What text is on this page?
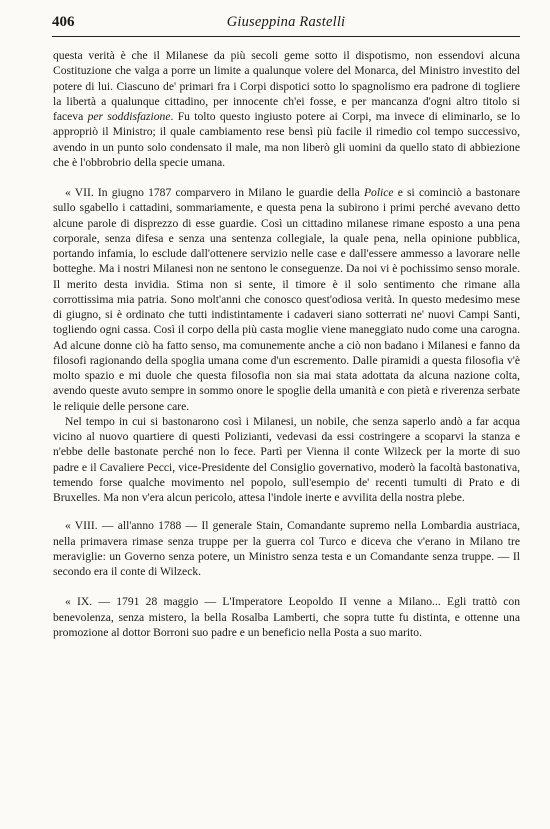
406	Giuseppina Rastelli

questa verità è che il Milanese da più secoli geme sotto il dispotismo, non essendovi alcuna Costituzione che valga a porre un limite a qualunque volere del Monarca, del Ministro investito del potere di lui. Ciascuno de' primari fra i Corpi dispotici sotto lo spagnolismo era padrone di togliere la libertà a qualunque cittadino, per innocente ch'ei fosse, e per mancanza d'ogni altro titolo si faceva per soddisfazione. Fu tolto questo ingiusto potere ai Corpi, ma invece di eliminarlo, se lo appropriò il Ministro; il quale cambiamento rese bensì più facile il rimedio col tempo successivo, avendo in un punto solo condensato il male, ma non liberò gli uomini da quello stato di abbiezione che è l'obbrobrio della specie umana.

« VII. In giugno 1787 comparvero in Milano le guardie della Police e si cominciò a bastonare sullo sgabello i cattadini, sommariamente, e questa pena la subirono i primi perché avevano detto alcune parole di disprezzo di esse guardie. Così un cittadino milanese rimane esposto a una pena corporale, senza difesa e senza una sentenza collegiale, la quale pena, nella opinione pubblica, portando infamia, lo esclude dall'ottenere servizio nelle case e dall'essere ammesso a lavorare nelle botteghe. Ma i nostri Milanesi non ne sentono le conseguenze. Da noi vi è pochissimo senso morale. Il merito desta invidia. Stima non si sente, il timore è il solo sentimento che rimane alla corrottissima mia patria. Sono molt'anni che conosco quest'odiosa verità. In questo medesimo mese di giugno, si è ordinato che tutti indistintamente i cadaveri siano sotterrati ne' nuovi Campi Santi, togliendo ogni cassa. Così il corpo della più casta moglie viene maneggiato nudo come una carogna. Ad alcune donne ciò ha fatto senso, ma comunemente anche a ciò non badano i Milanesi e fanno da filosofi ragionando della spoglia umana come d'un escremento. Dalle piramidi a questa filosofia v'è molto spazio e mi duole che questa filosofia non sia mai stata adottata da alcuna nazione colta, avendo queste avuto sempre in sommo onore le spoglie della umanità e con pietà e riverenza serbate le reliquie delle persone care.

Nel tempo in cui si bastonarono così i Milanesi, un nobile, che senza saperlo andò a far acqua vicino al nuovo quartiere di questi Polizianti, vedevasi da essi costringere a scoparvi la stanza e n'ebbe delle bastonate perché non lo fece. Partì per Vienna il conte Wilzeck per la morte di suo padre e il Cavaliere Pecci, vice-Presidente del Consiglio governativo, moderò la facoltà bastonativa, temendo forse qualche movimento nel popolo, sull'esempio de' recenti tumulti di Prato e di Bruxelles. Ma non v'era alcun pericolo, attesa l'indole inerte e avvilita della nostra plebe.

« VIII. — all'anno 1788 — Il generale Stain, Comandante supremo nella Lombardia austriaca, nella primavera rimase senza truppe per la guerra col Turco e diceva che v'erano in Milano tre meraviglie: un Governo senza potere, un Ministro senza testa e un Comandante senza truppe. — Il secondo era il conte di Wilzeck.

« IX. — 1791 28 maggio — L'Imperatore Leopoldo II venne a Milano... Egli trattò con benevolenza, senza mistero, la bella Rosalba Lamberti, che sopra tutte fu distinta, e ottenne una promozione al dottor Borroni suo padre e un beneficio nella Posta a suo marito.
